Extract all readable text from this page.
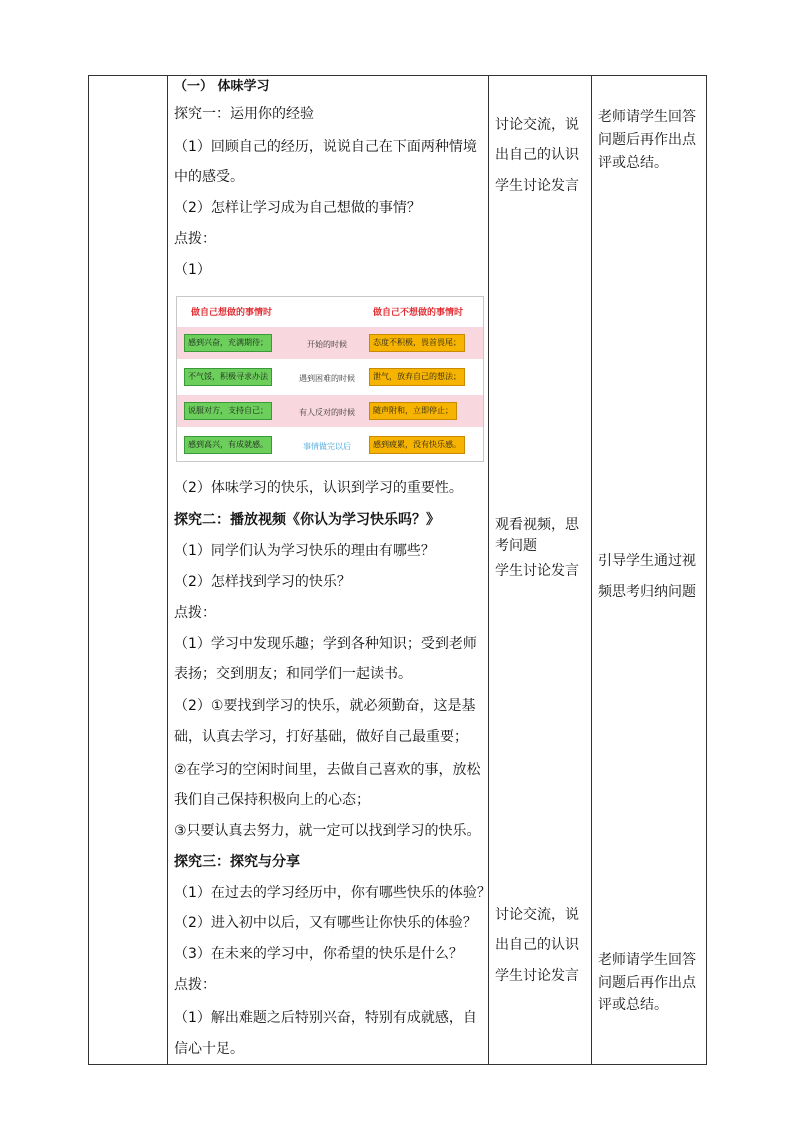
（一） 体味学习
探究一：运用你的经验
（1）回顾自己的经历，说说自己在下面两种情境
中的感受。
（2）怎样让学习成为自己想做的事情？
点拨：
（1）
做自己想做的事情时	做自己不想做的事情时
感到兴奋，充满期待；	开始的时候	态度不积极，畏首畏尾；
不气馁，积极寻求办法	遇到困难的时候	泄气，放弃自己的想法；
说服对方，支持自己；	有人反对的时候	随声附和，立即停止；
感到高兴，有成就感。	事情做完以后	感到疲累，没有快乐感。
（2）体味学习的快乐，认识到学习的重要性。
探究二：播放视频《你认为学习快乐吗？》
（1）同学们认为学习快乐的理由有哪些？
（2）怎样找到学习的快乐？
点拨：
（1）学习中发现乐趣；学到各种知识；受到老师
表扬；交到朋友；和同学们一起读书。
（2）①要找到学习的快乐，就必须勤奋，这是基
础，认真去学习，打好基础，做好自己最重要；
②在学习的空闲时间里，去做自己喜欢的事，放松
我们自己保持积极向上的心态；
③只要认真去努力，就一定可以找到学习的快乐。
探究三：探究与分享
（1）在过去的学习经历中，你有哪些快乐的体验？
（2）进入初中以后，又有哪些让你快乐的体验？
（3）在未来的学习中，你希望的快乐是什么？
点拨：
（1）解出难题之后特别兴奋，特别有成就感，自
信心十足。
讨论交流，说
出自己的认识
学生讨论发言
观看视频，思
考问题
学生讨论发言
讨论交流，说
出自己的认识
学生讨论发言
老师请学生回答
问题后再作出点
评或总结。
引导学生通过视
频思考归纳问题
老师请学生回答
问题后再作出点
评或总结。
